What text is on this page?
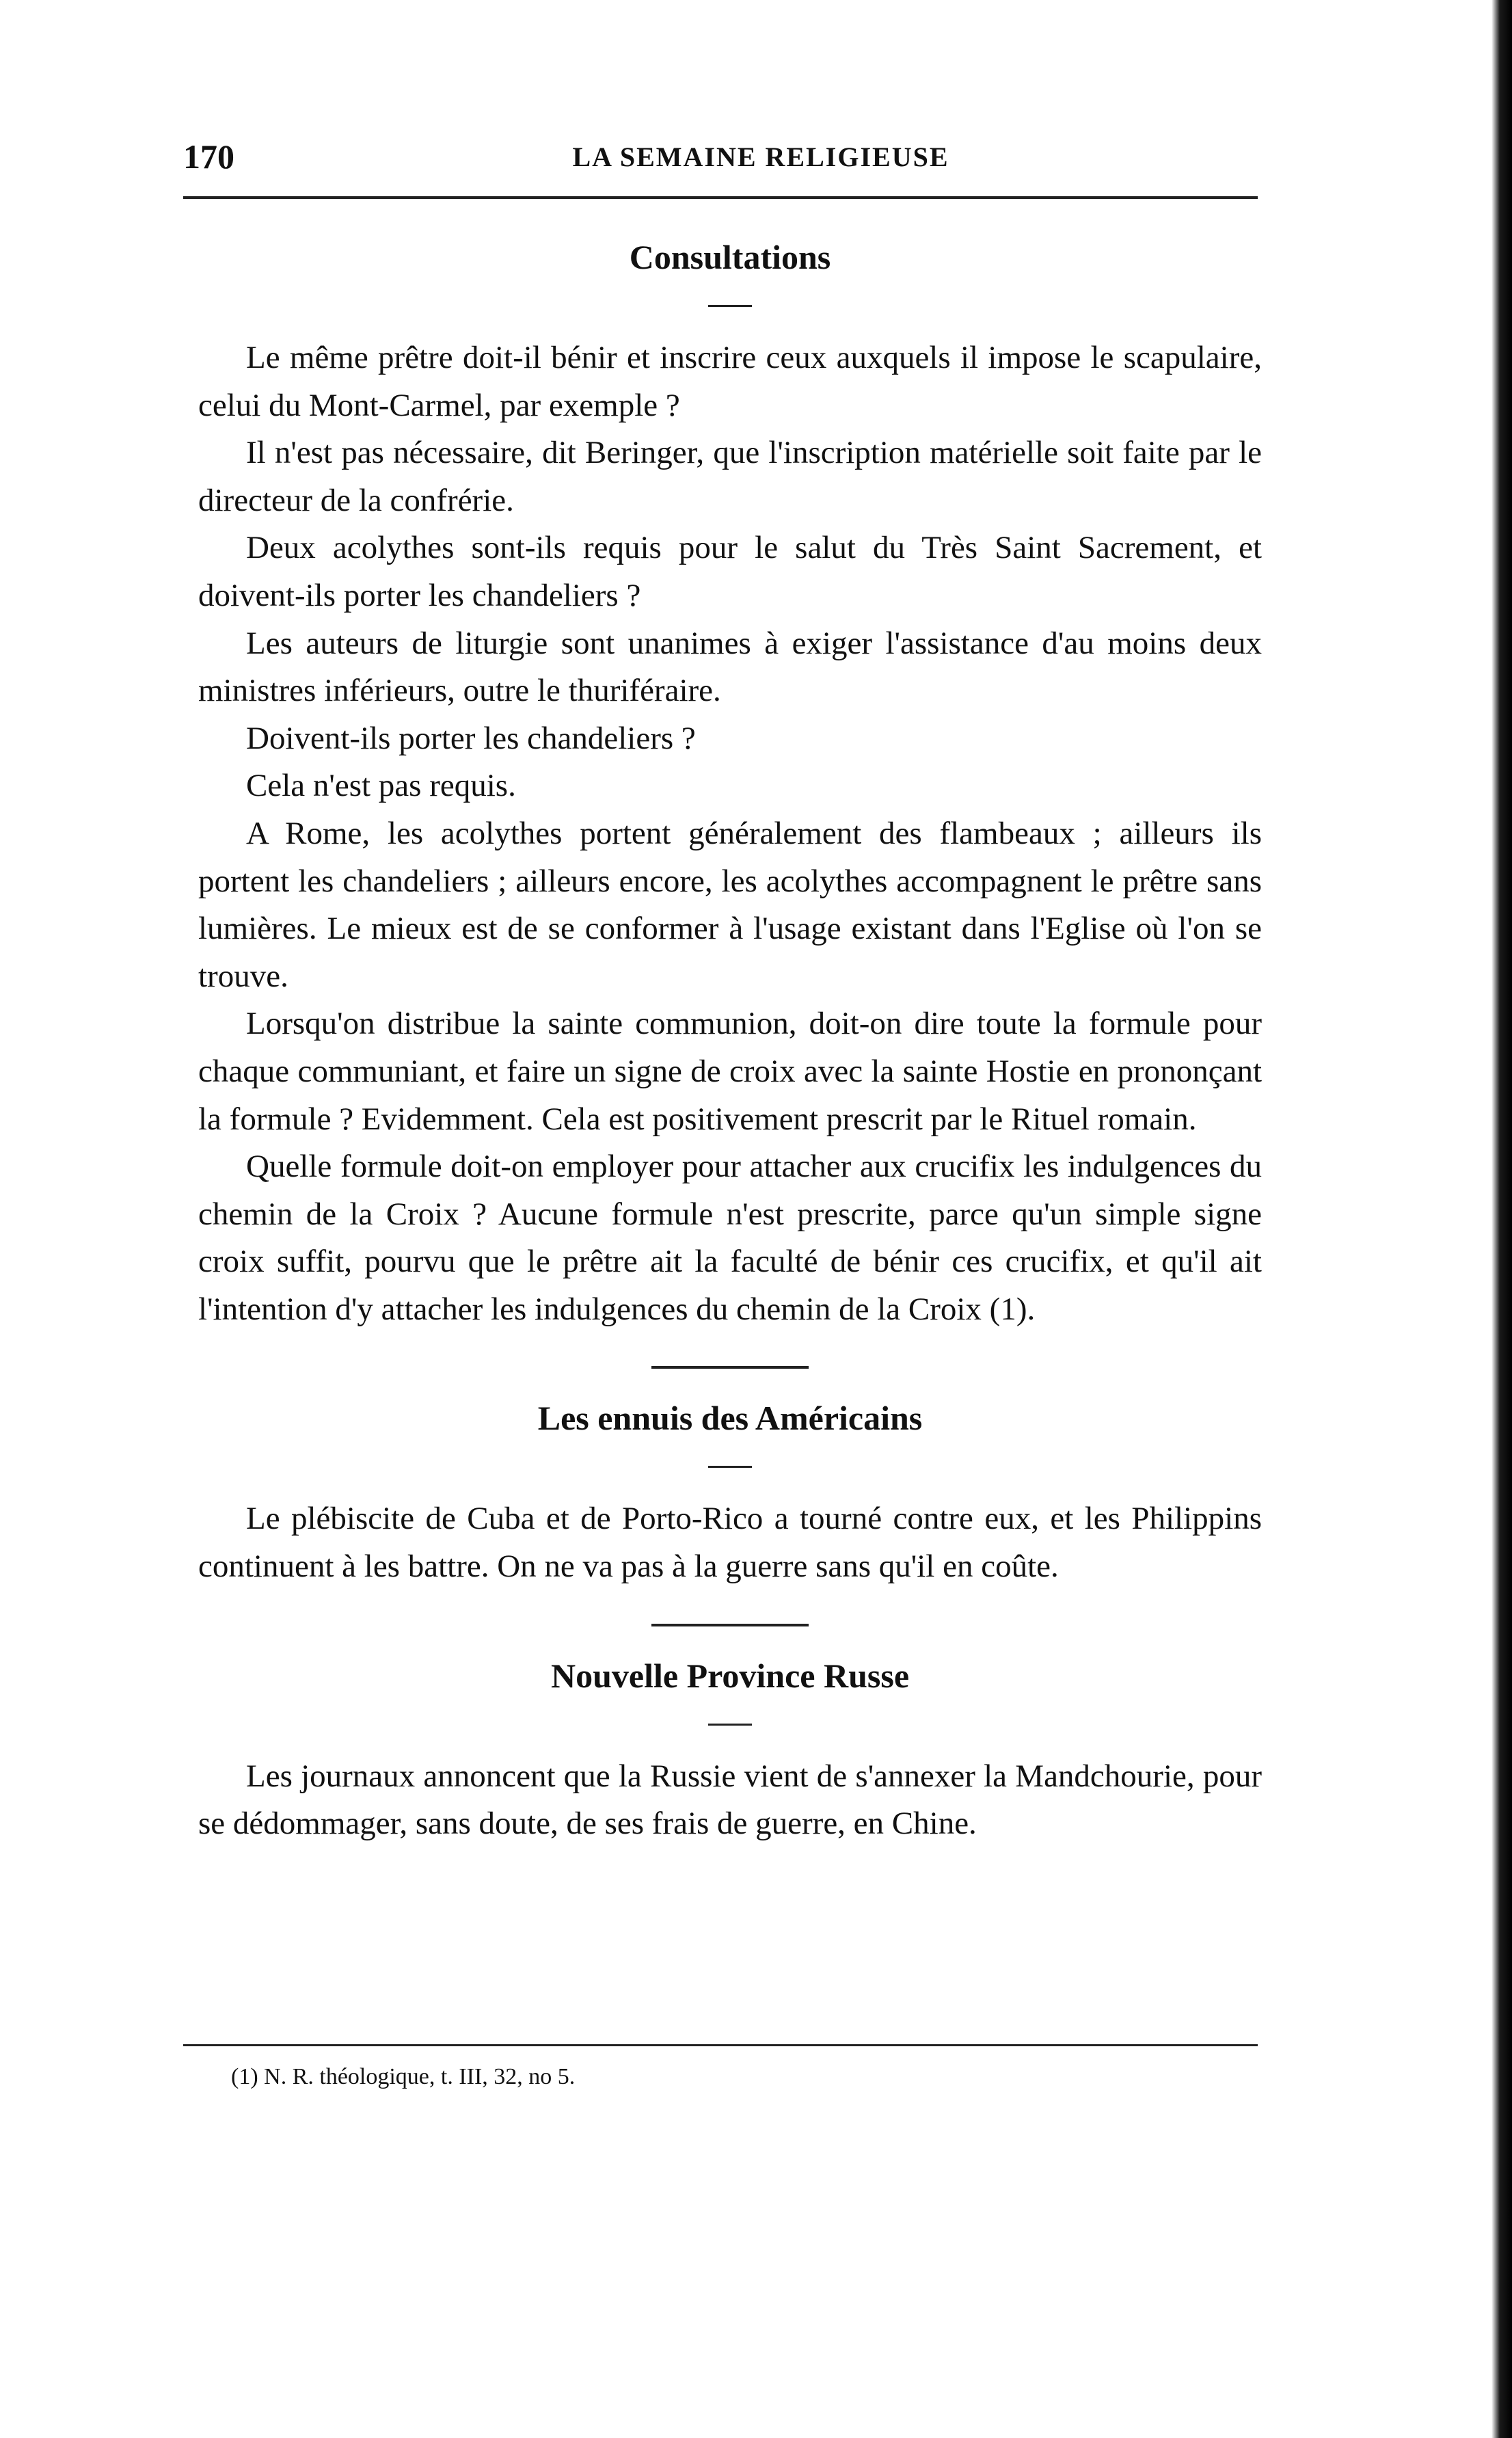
170	LA SEMAINE RELIGIEUSE
Consultations

Le même prêtre doit-il bénir et inscrire ceux auxquels il impose le scapulaire, celui du Mont-Carmel, par exemple ?

Il n'est pas nécessaire, dit Beringer, que l'inscription matérielle soit faite par le directeur de la confrérie.

Deux acolythes sont-ils requis pour le salut du Très Saint Sacrement, et doivent-ils porter les chandeliers ?

Les auteurs de liturgie sont unanimes à exiger l'assistance d'au moins deux ministres inférieurs, outre le thuriféraire.

Doivent-ils porter les chandeliers ?

Cela n'est pas requis.

A Rome, les acolythes portent généralement des flambeaux ; ailleurs ils portent les chandeliers ; ailleurs encore, les acolythes accompagnent le prêtre sans lumières. Le mieux est de se conformer à l'usage existant dans l'Eglise où l'on se trouve.

Lorsqu'on distribue la sainte communion, doit-on dire toute la formule pour chaque communiant, et faire un signe de croix avec la sainte Hostie en prononçant la formule ? Evidemment. Cela est positivement prescrit par le Rituel romain.

Quelle formule doit-on employer pour attacher aux crucifix les indulgences du chemin de la Croix ? Aucune formule n'est prescrite, parce qu'un simple signe croix suffit, pourvu que le prêtre ait la faculté de bénir ces crucifix, et qu'il ait l'intention d'y attacher les indulgences du chemin de la Croix (1).

Les ennuis des Américains

Le plébiscite de Cuba et de Porto-Rico a tourné contre eux, et les Philippins continuent à les battre. On ne va pas à la guerre sans qu'il en coûte.

Nouvelle Province Russe

Les journaux annoncent que la Russie vient de s'annexer la Mandchourie, pour se dédommager, sans doute, de ses frais de guerre, en Chine.

(1) N. R. théologique, t. III, 32, no 5.
